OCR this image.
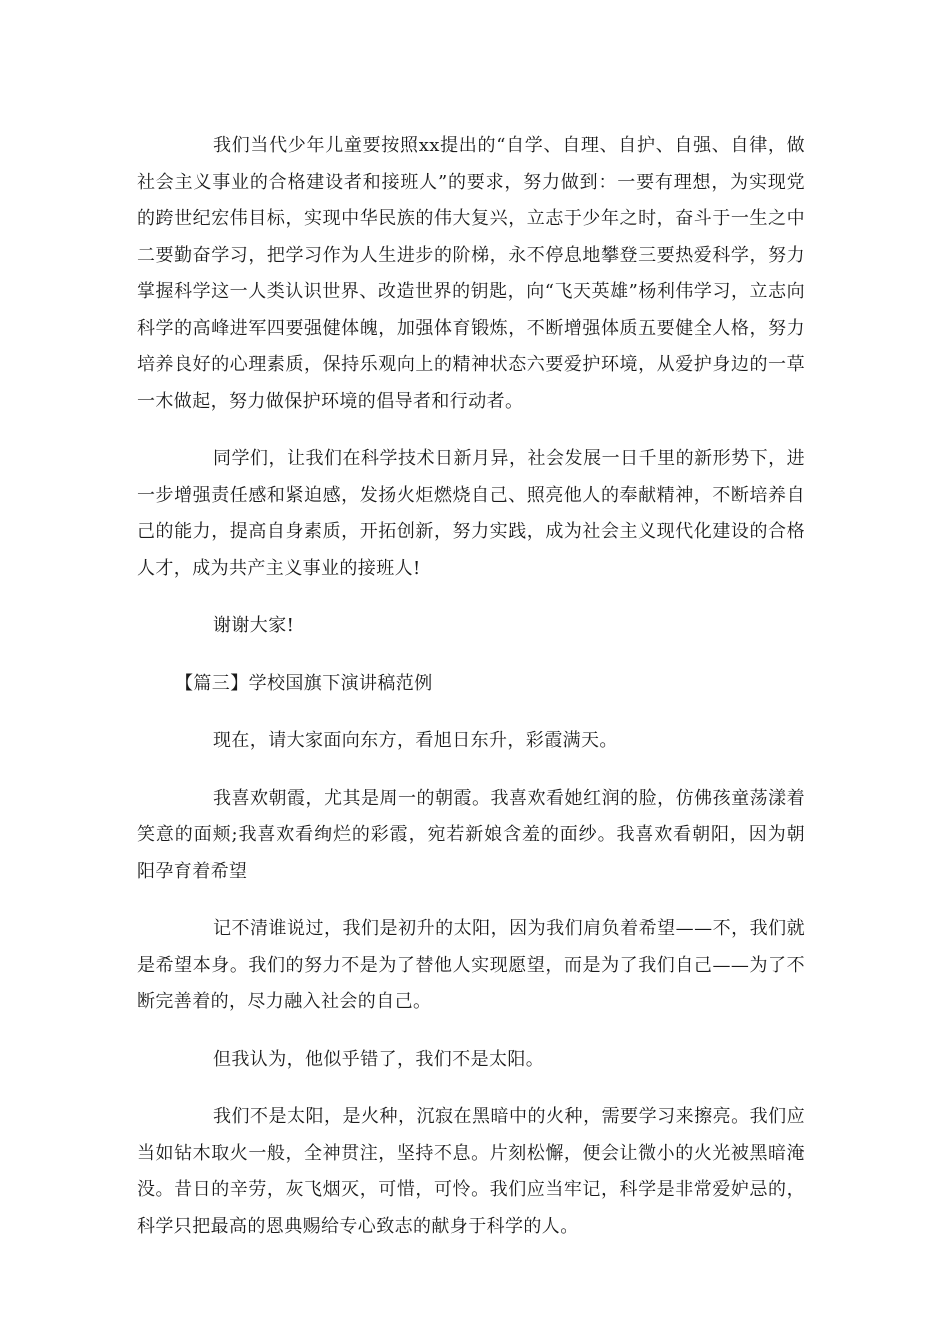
我们当代少年儿童要按照xx提出的“自学、自理、自护、自强、自律，做社会主义事业的合格建设者和接班人”的要求，努力做到：一要有理想，为实现党的跨世纪宏伟目标，实现中华民族的伟大复兴，立志于少年之时，奋斗于一生之中二要勤奋学习，把学习作为人生进步的阶梯，永不停息地攀登三要热爱科学，努力掌握科学这一人类认识世界、改造世界的钥匙，向“飞天英雄”杨利伟学习，立志向科学的高峰进军四要强健体魄，加强体育锻炼，不断增强体质五要健全人格，努力培养良好的心理素质，保持乐观向上的精神状态六要爱护环境，从爱护身边的一草一木做起，努力做保护环境的倡导者和行动者。

同学们，让我们在科学技术日新月异，社会发展一日千里的新形势下，进一步增强责任感和紧迫感，发扬火炬燃烧自己、照亮他人的奉献精神，不断培养自己的能力，提高自身素质，开拓创新，努力实践，成为社会主义现代化建设的合格人才，成为共产主义事业的接班人!

谢谢大家!

【篇三】学校国旗下演讲稿范例

现在，请大家面向东方，看旭日东升，彩霞满天。

我喜欢朝霞，尤其是周一的朝霞。我喜欢看她红润的脸，仿佛孩童荡漾着笑意的面颊;我喜欢看绚烂的彩霞，宛若新娘含羞的面纱。我喜欢看朝阳，因为朝阳孕育着希望

记不清谁说过，我们是初升的太阳，因为我们肩负着希望——不，我们就是希望本身。我们的努力不是为了替他人实现愿望，而是为了我们自己——为了不断完善着的，尽力融入社会的自己。

但我认为，他似乎错了，我们不是太阳。

我们不是太阳，是火种，沉寂在黑暗中的火种，需要学习来擦亮。我们应当如钻木取火一般，全神贯注，坚持不息。片刻松懈，便会让微小的火光被黑暗淹没。昔日的辛劳，灰飞烟灭，可惜，可怜。我们应当牢记，科学是非常爱妒忌的，科学只把最高的恩典赐给专心致志的献身于科学的人。
